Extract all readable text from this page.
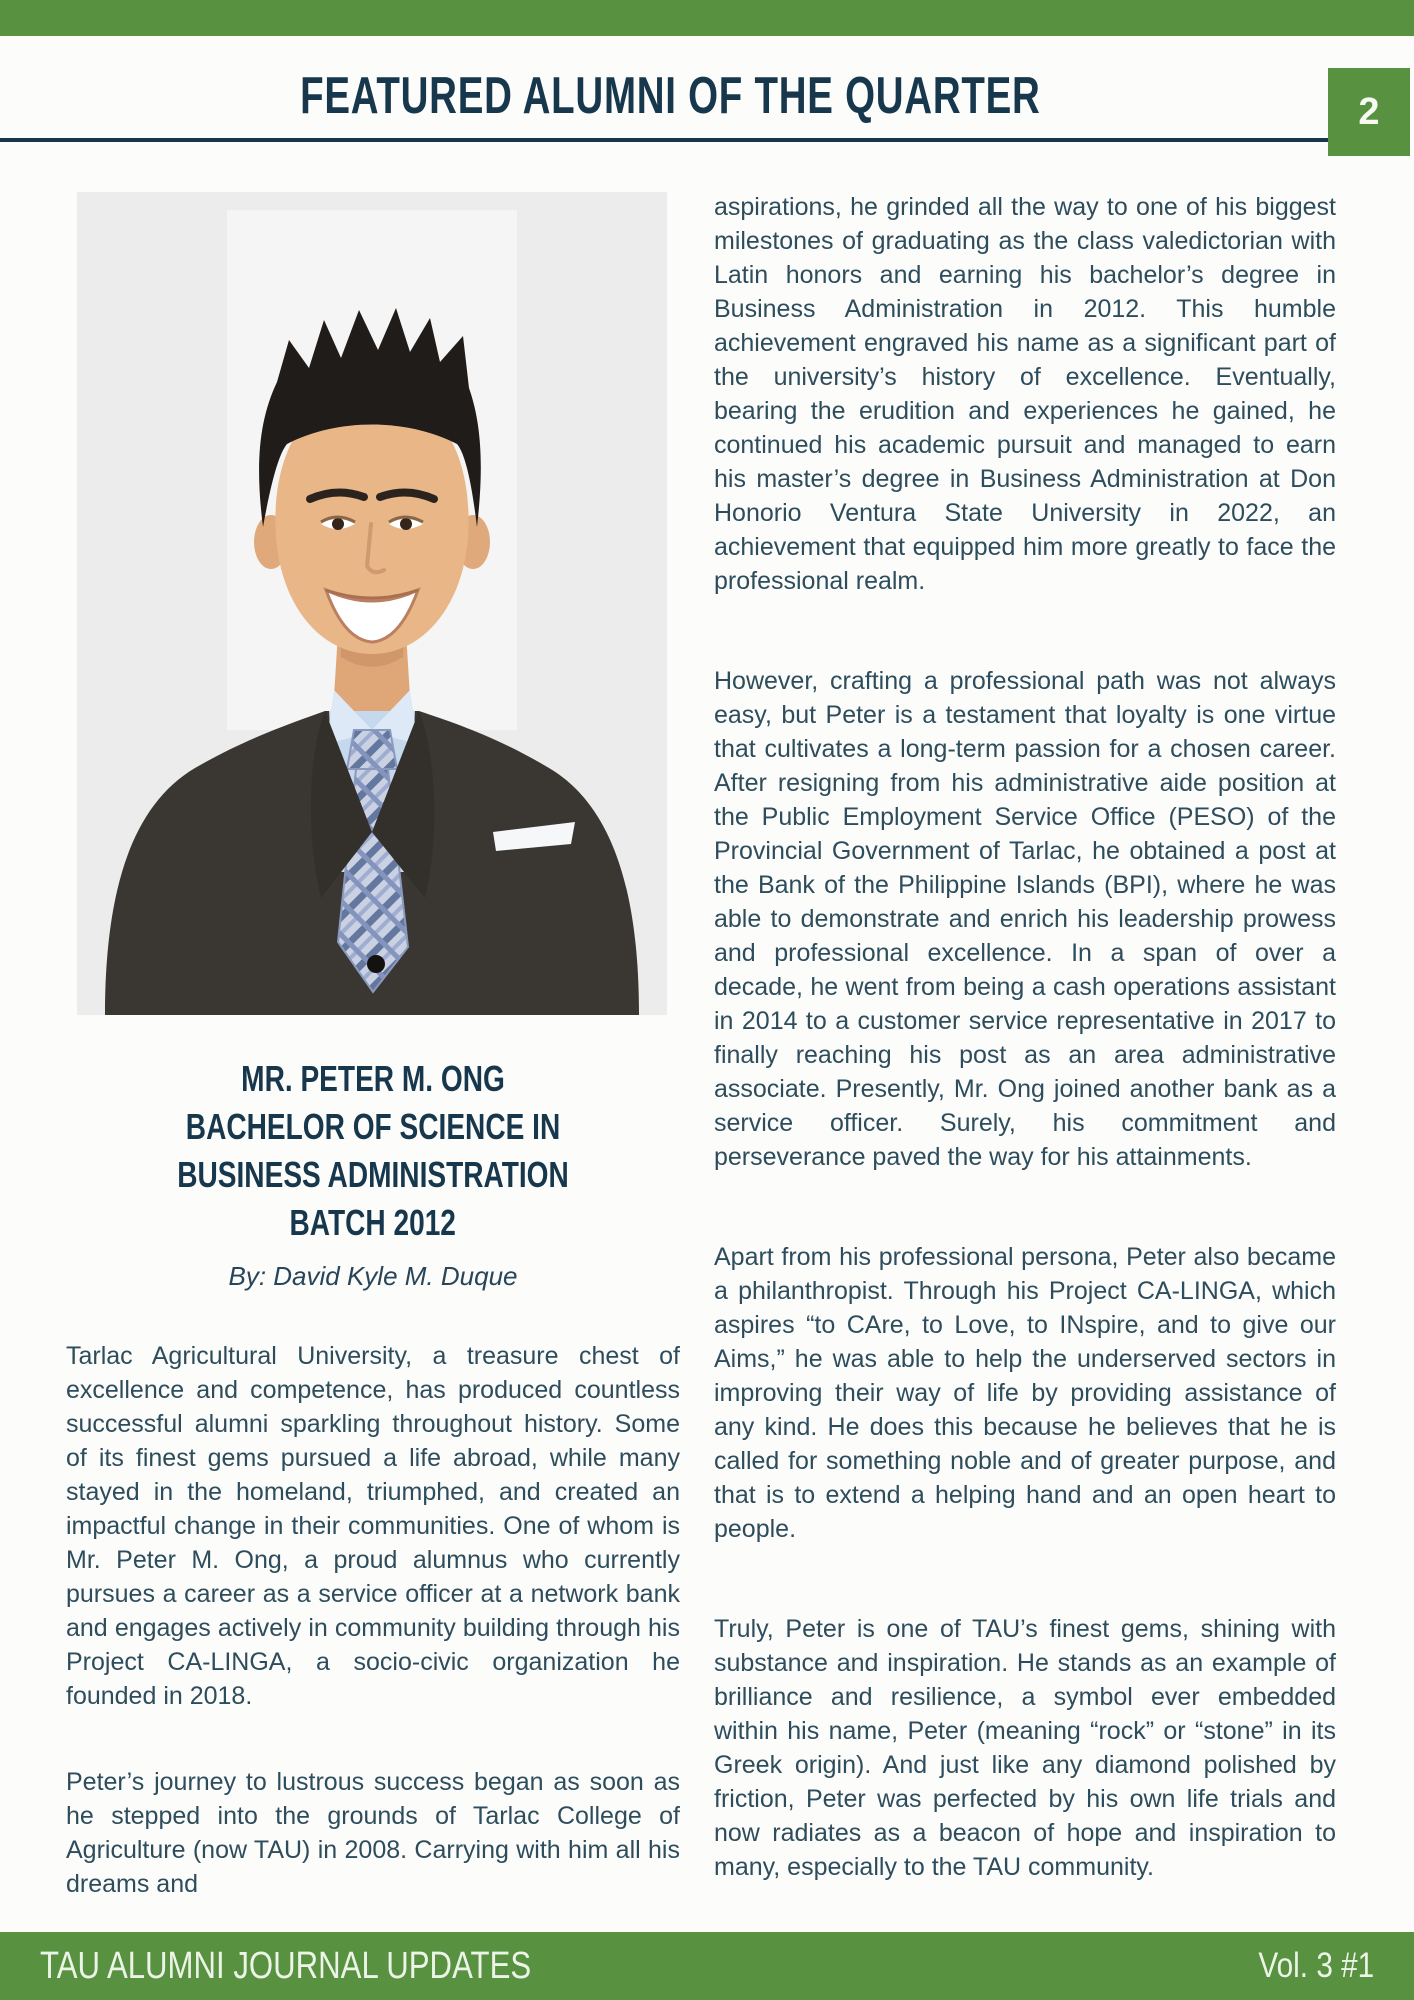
FEATURED ALUMNI OF THE QUARTER	2
MR. PETER M. ONG
BACHELOR OF SCIENCE IN
BUSINESS ADMINISTRATION
BATCH 2012
By: David Kyle M. Duque

Tarlac Agricultural University, a treasure chest of excellence and competence, has produced countless successful alumni sparkling throughout history. Some of its finest gems pursued a life abroad, while many stayed in the homeland, triumphed, and created an impactful change in their communities. One of whom is Mr. Peter M. Ong, a proud alumnus who currently pursues a career as a service officer at a network bank and engages actively in community building through his Project CA-LINGA, a socio-civic organization he founded in 2018.

Peter’s journey to lustrous success began as soon as he stepped into the grounds of Tarlac College of Agriculture (now TAU) in 2008. Carrying with him all his dreams and

aspirations, he grinded all the way to one of his biggest milestones of graduating as the class valedictorian with Latin honors and earning his bachelor’s degree in Business Administration in 2012. This humble achievement engraved his name as a significant part of the university’s history of excellence. Eventually, bearing the erudition and experiences he gained, he continued his academic pursuit and managed to earn his master’s degree in Business Administration at Don Honorio Ventura State University in 2022, an achievement that equipped him more greatly to face the professional realm.

However, crafting a professional path was not always easy, but Peter is a testament that loyalty is one virtue that cultivates a long-term passion for a chosen career. After resigning from his administrative aide position at the Public Employment Service Office (PESO) of the Provincial Government of Tarlac, he obtained a post at the Bank of the Philippine Islands (BPI), where he was able to demonstrate and enrich his leadership prowess and professional excellence. In a span of over a decade, he went from being a cash operations assistant in 2014 to a customer service representative in 2017 to finally reaching his post as an area administrative associate. Presently, Mr. Ong joined another bank as a service officer. Surely, his commitment and perseverance paved the way for his attainments.

Apart from his professional persona, Peter also became a philanthropist. Through his Project CA-LINGA, which aspires “to CAre, to Love, to INspire, and to give our Aims,” he was able to help the underserved sectors in improving their way of life by providing assistance of any kind. He does this because he believes that he is called for something noble and of greater purpose, and that is to extend a helping hand and an open heart to people.

Truly, Peter is one of TAU’s finest gems, shining with substance and inspiration. He stands as an example of brilliance and resilience, a symbol ever embedded within his name, Peter (meaning “rock” or “stone” in its Greek origin). And just like any diamond polished by friction, Peter was perfected by his own life trials and now radiates as a beacon of hope and inspiration to many, especially to the TAU community.

TAU ALUMNI JOURNAL UPDATES	Vol. 3 #1
